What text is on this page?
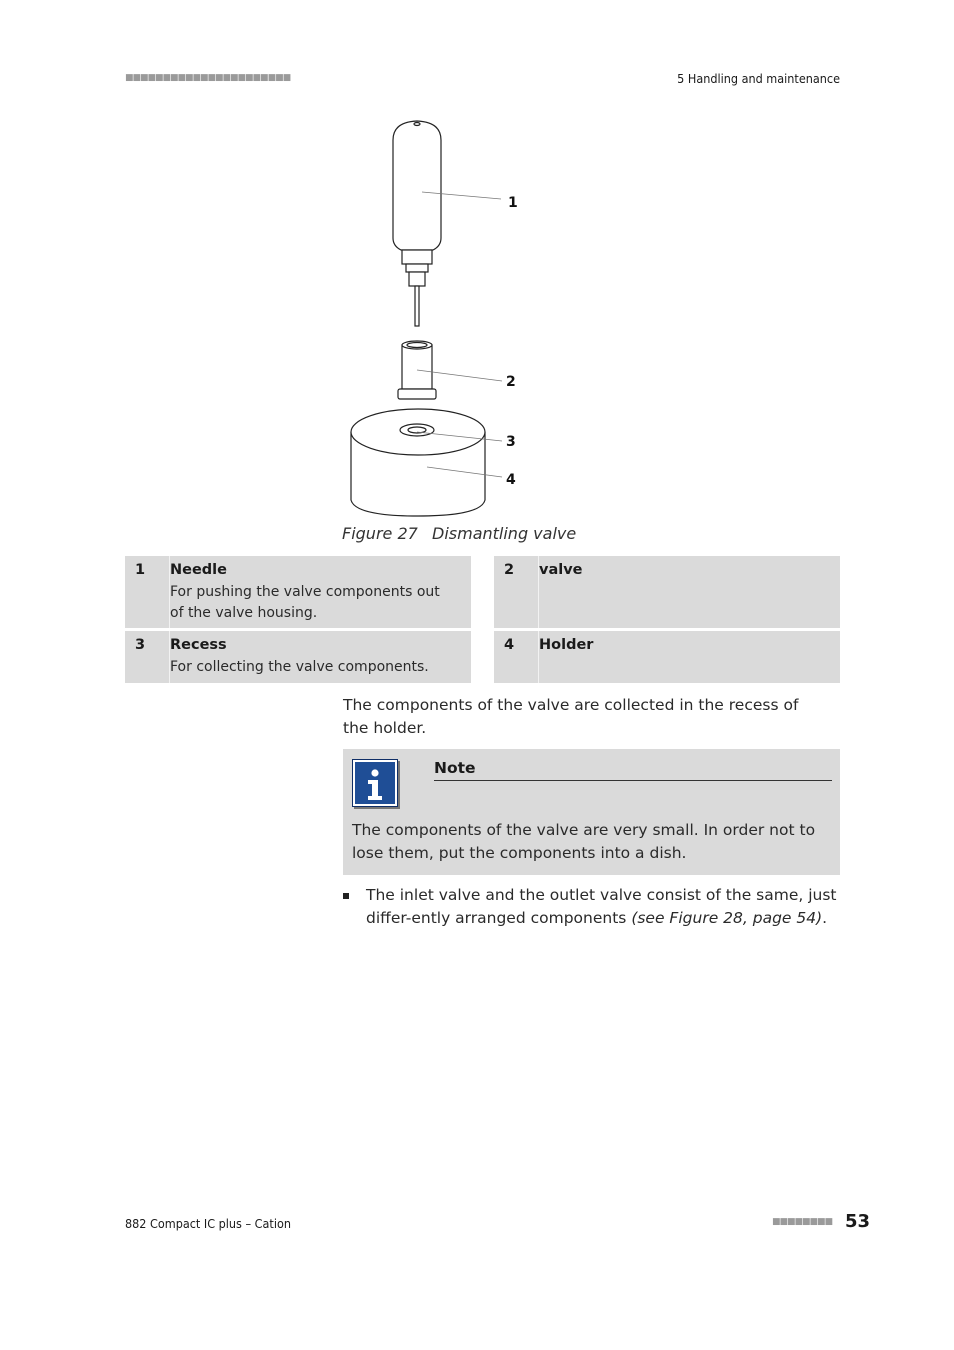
■■■■■■■■■■■■■■■■■■■■■■	5 Handling and maintenance
1
2
3
4
Figure 27 Dismantling valve
1 Needle
For pushing the valve components out of the valve housing.
2 valve
3 Recess
For collecting the valve components.
4 Holder
The components of the valve are collected in the recess of the holder.
Note
The components of the valve are very small. In order not to lose them, put the components into a dish.
The inlet valve and the outlet valve consist of the same, just differ-ently arranged components (see Figure 28, page 54).
882 Compact IC plus – Cation	■■■■■■■■ 53
